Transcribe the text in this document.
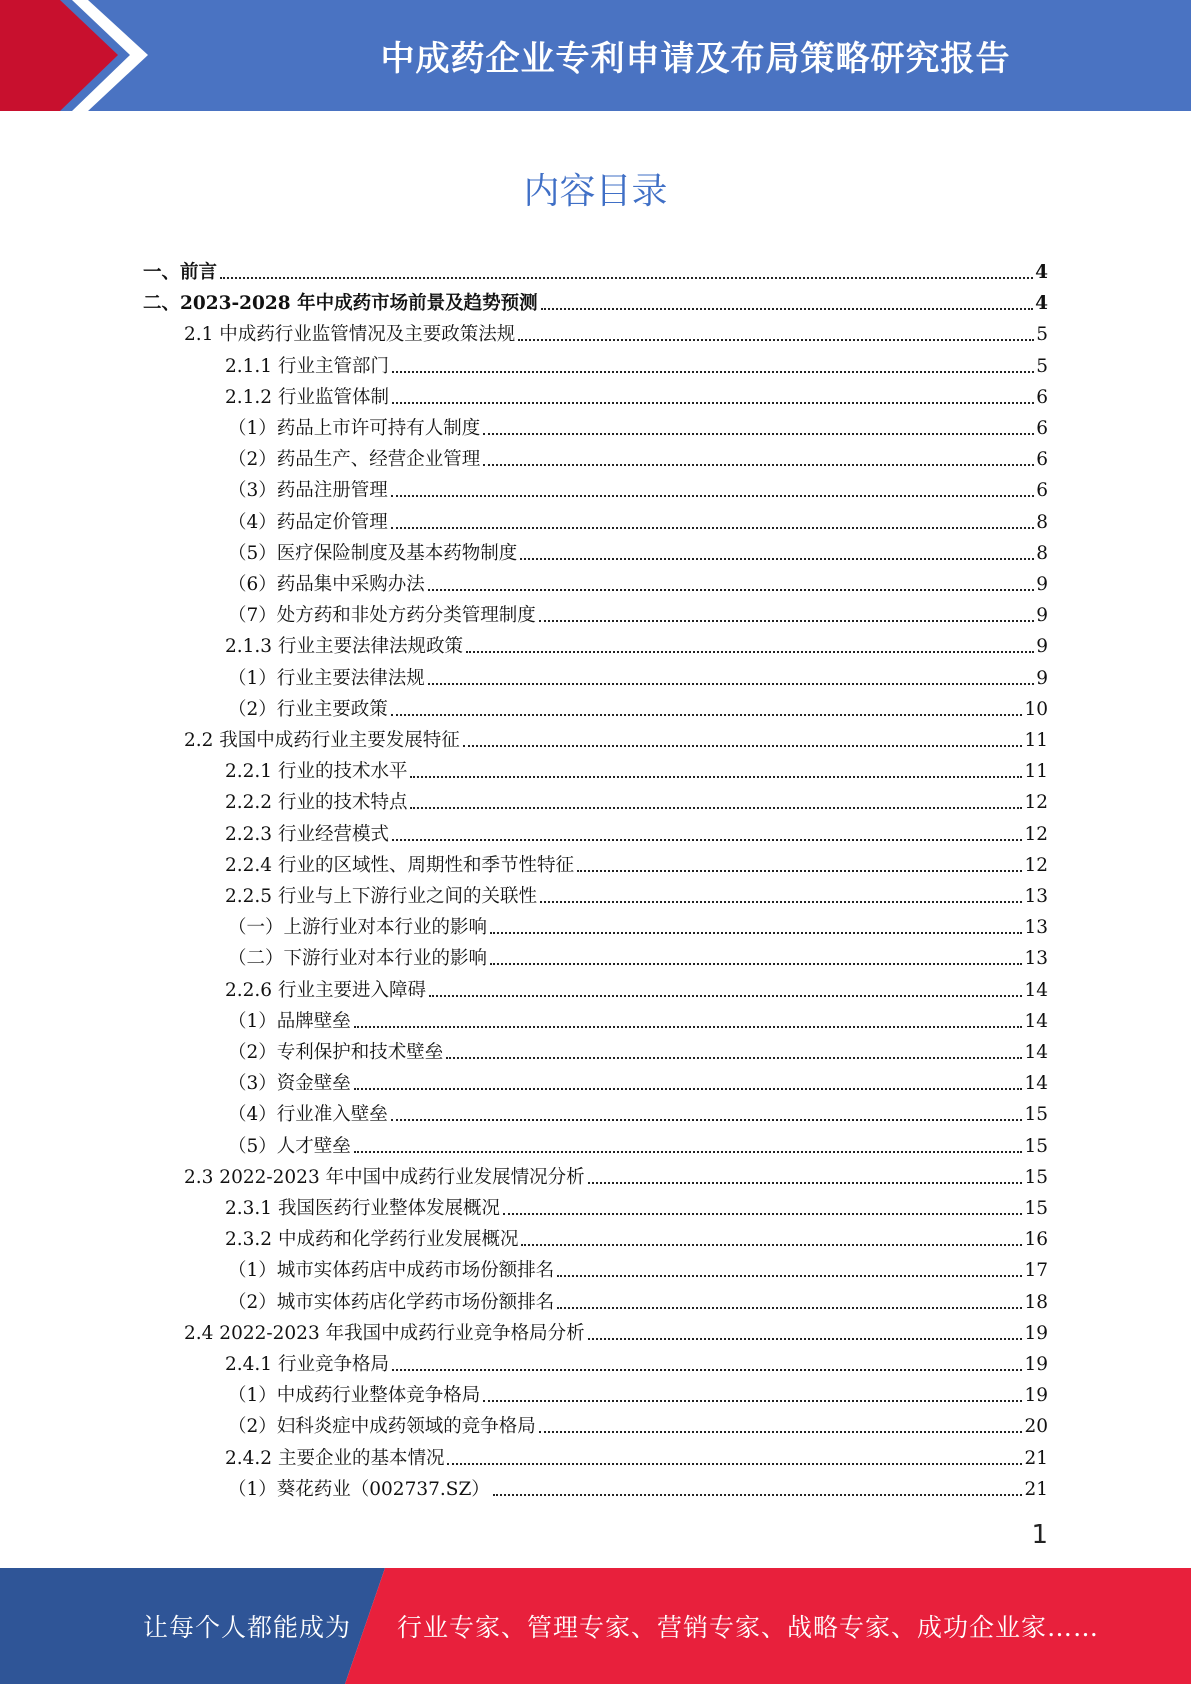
中成药企业专利申请及布局策略研究报告
内容目录
一、前言	4
二、2023-2028 年中成药市场前景及趋势预测	4
2.1 中成药行业监管情况及主要政策法规	5
2.1.1 行业主管部门	5
2.1.2 行业监管体制	6
（1）药品上市许可持有人制度	6
（2）药品生产、经营企业管理	6
（3）药品注册管理	6
（4）药品定价管理	8
（5）医疗保险制度及基本药物制度	8
（6）药品集中采购办法	9
（7）处方药和非处方药分类管理制度	9
2.1.3 行业主要法律法规政策	9
（1）行业主要法律法规	9
（2）行业主要政策	10
2.2 我国中成药行业主要发展特征	11
2.2.1 行业的技术水平	11
2.2.2 行业的技术特点	12
2.2.3 行业经营模式	12
2.2.4 行业的区域性、周期性和季节性特征	12
2.2.5 行业与上下游行业之间的关联性	13
（一）上游行业对本行业的影响	13
（二）下游行业对本行业的影响	13
2.2.6 行业主要进入障碍	14
（1）品牌壁垒	14
（2）专利保护和技术壁垒	14
（3）资金壁垒	14
（4）行业准入壁垒	15
（5）人才壁垒	15
2.3 2022-2023 年中国中成药行业发展情况分析	15
2.3.1 我国医药行业整体发展概况	15
2.3.2 中成药和化学药行业发展概况	16
（1）城市实体药店中成药市场份额排名	17
（2）城市实体药店化学药市场份额排名	18
2.4 2022-2023 年我国中成药行业竞争格局分析	19
2.4.1 行业竞争格局	19
（1）中成药行业整体竞争格局	19
（2）妇科炎症中成药领域的竞争格局	20
2.4.2 主要企业的基本情况	21
（1）葵花药业（002737.SZ）	21
1
让每个人都能成为 行业专家、管理专家、营销专家、战略专家、成功企业家……
